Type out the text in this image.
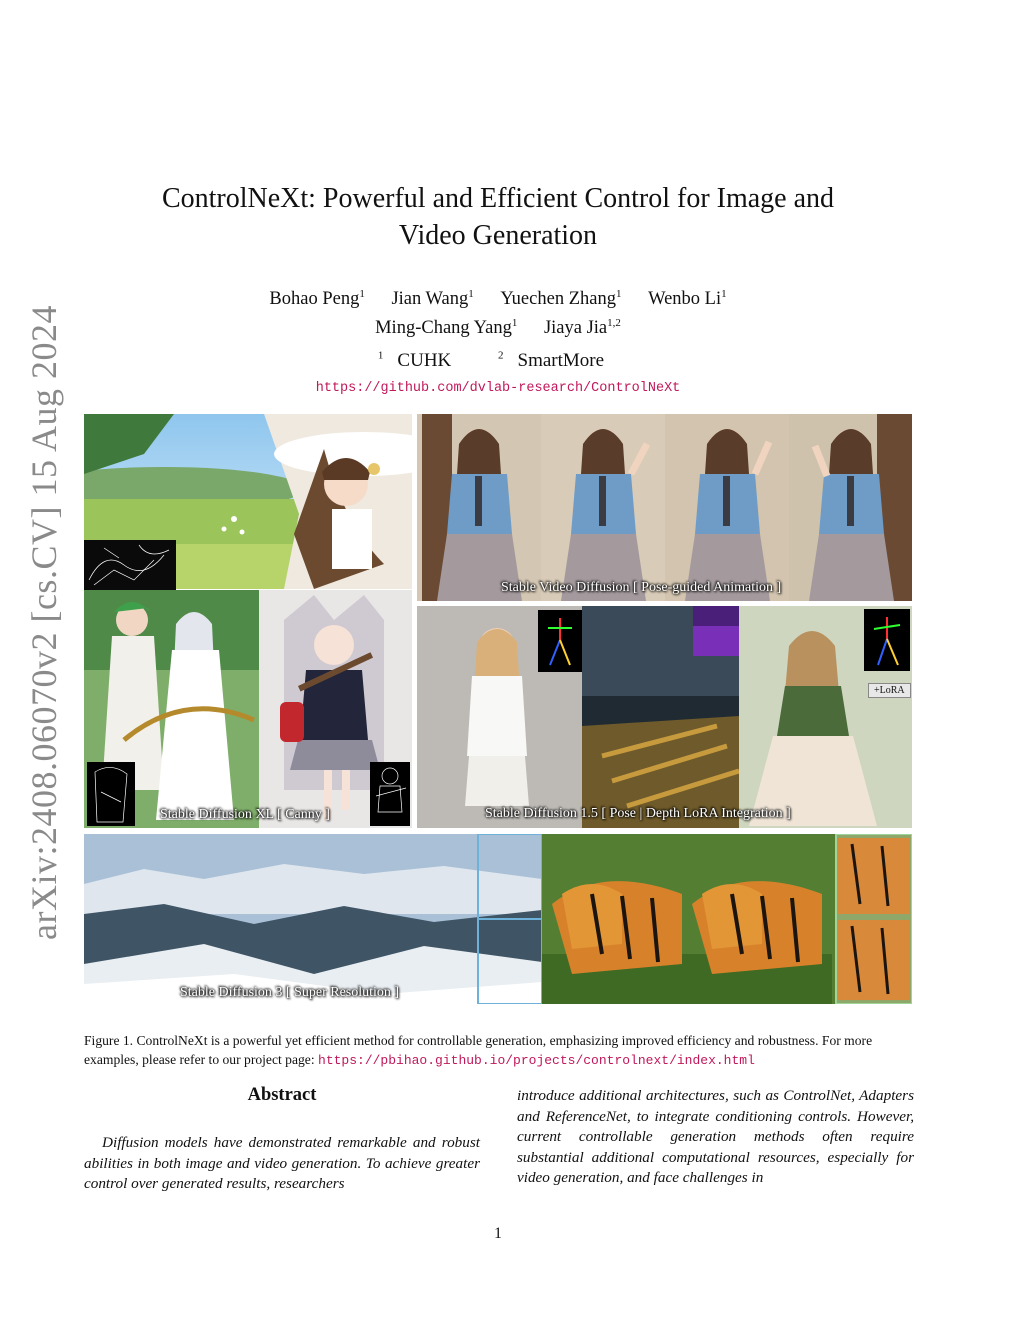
arXiv:2408.06070v2 [cs.CV] 15 Aug 2024
ControlNeXt: Powerful and Efficient Control for Image and
Video Generation
Bohao Peng$^1$ Jian Wang$^1$ Yuechen Zhang$^1$ Wenbo Li$^1$
Ming-Chang Yang$^1$ Jiaya Jia$^{1,2}$
$^1$ CUHK	$^2$ SmartMore
https://github.com/dvlab-research/ControlNeXt
Stable Video Diffusion [ Pose-guided Animation ]
Stable Diffusion XL [ Canny ]
+LoRA
Stable Diffusion 1.5 [ Pose | Depth LoRA Integration ]
Stable Diffusion 3 [ Super Resolution ]
Figure 1. ControlNeXt is a powerful yet efficient method for controllable generation, emphasizing improved efficiency and robustness. For more examples, please refer to our project page: https://pbihao.github.io/projects/controlnext/index.html
Abstract
Diffusion models have demonstrated remarkable and robust abilities in both image and video generation. To achieve greater control over generated results, researchers
introduce additional architectures, such as ControlNet, Adapters and ReferenceNet, to integrate conditioning controls. However, current controllable generation methods often require substantial additional computational resources, especially for video generation, and face challenges in
1
